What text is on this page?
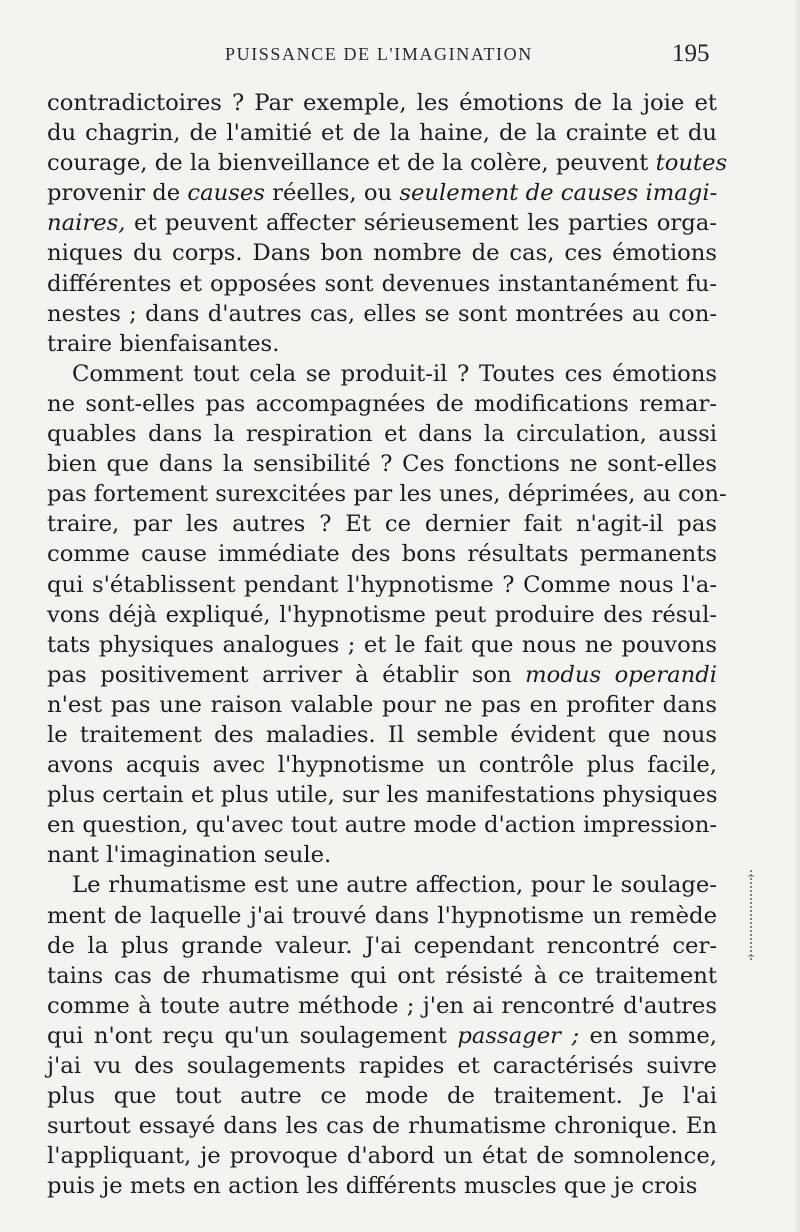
PUISSANCE DE L'IMAGINATION	195
contradictoires ? Par exemple, les émotions de la joie et
du chagrin, de l'amitié et de la haine, de la crainte et du
courage, de la bienveillance et de la colère, peuvent toutes
provenir de causes réelles, ou seulement de causes imagi-
naires, et peuvent affecter sérieusement les parties orga-
niques du corps. Dans bon nombre de cas, ces émotions
différentes et opposées sont devenues instantanément fu-
nestes ; dans d'autres cas, elles se sont montrées au con-
traire bienfaisantes.
Comment tout cela se produit-il ? Toutes ces émotions
ne sont-elles pas accompagnées de modifications remar-
quables dans la respiration et dans la circulation, aussi
bien que dans la sensibilité ? Ces fonctions ne sont-elles
pas fortement surexcitées par les unes, déprimées, au con-
traire, par les autres ? Et ce dernier fait n'agit-il pas
comme cause immédiate des bons résultats permanents
qui s'établissent pendant l'hypnotisme ? Comme nous l'a-
vons déjà expliqué, l'hypnotisme peut produire des résul-
tats physiques analogues ; et le fait que nous ne pouvons
pas positivement arriver à établir son modus operandi
n'est pas une raison valable pour ne pas en profiter dans
le traitement des maladies. Il semble évident que nous
avons acquis avec l'hypnotisme un contrôle plus facile,
plus certain et plus utile, sur les manifestations physiques
en question, qu'avec tout autre mode d'action impression-
nant l'imagination seule.
Le rhumatisme est une autre affection, pour le soulage-
ment de laquelle j'ai trouvé dans l'hypnotisme un remède
de la plus grande valeur. J'ai cependant rencontré cer-
tains cas de rhumatisme qui ont résisté à ce traitement
comme à toute autre méthode ; j'en ai rencontré d'autres
qui n'ont reçu qu'un soulagement passager ; en somme,
j'ai vu des soulagements rapides et caractérisés suivre
plus que tout autre ce mode de traitement. Je l'ai
surtout essayé dans les cas de rhumatisme chronique. En
l'appliquant, je provoque d'abord un état de somnolence,
puis je mets en action les différents muscles que je crois
